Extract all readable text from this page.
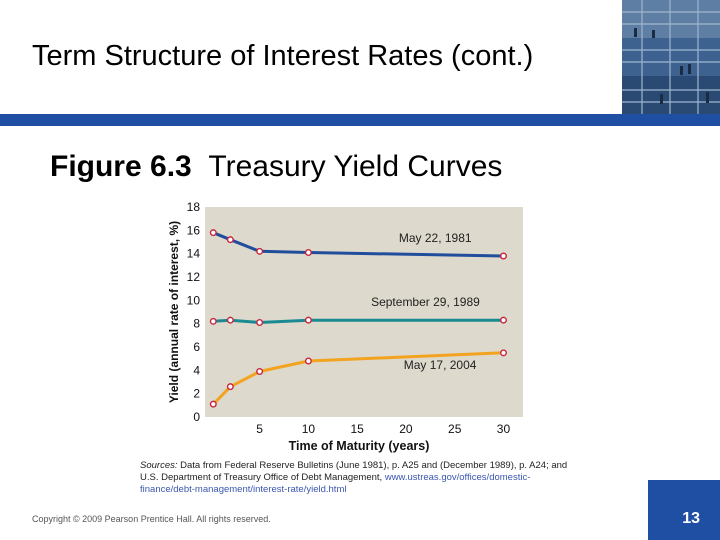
Term Structure of Interest Rates (cont.)
Figure 6.3 Treasury Yield Curves
0
2
4
6
8
10
12
14
16
18
5	10	15	20	25	30
Time of Maturity (years)
Yield (annual rate of interest, %)	May 22, 1981
September 29, 1989
May 17, 2004
Sources: Data from Federal Reserve Bulletins (June 1981), p. A25 and (December 1989), p. A24; and U.S. Department of Treasury Office of Debt Management, www.ustreas.gov/offices/domestic-finance/debt-management/interest-rate/yield.html
Copyright © 2009 Pearson Prentice Hall. All rights reserved.	13
